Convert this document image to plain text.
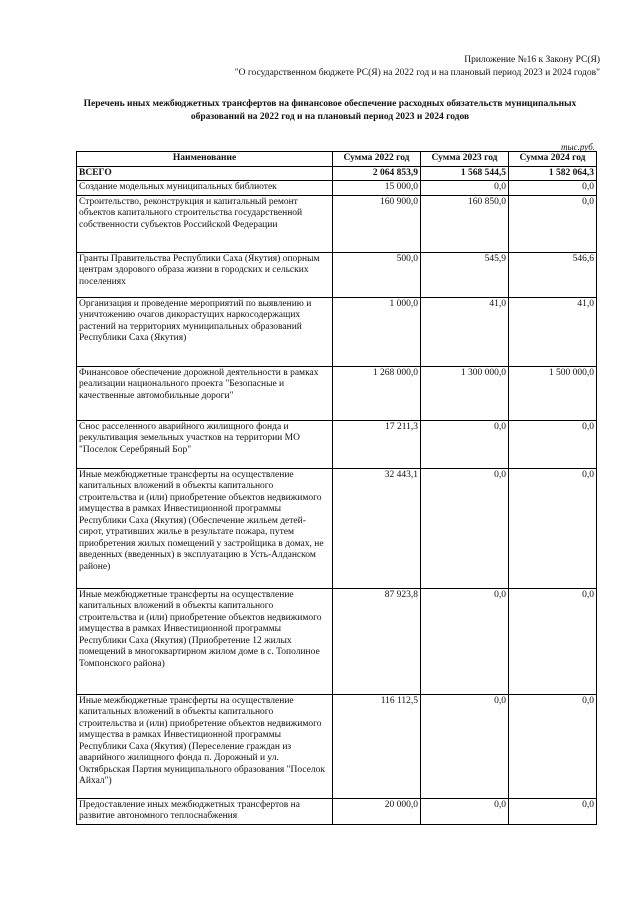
Приложение №16 к Закону РС(Я)
"О государственном бюджете РС(Я) на 2022 год и на плановый период 2023 и 2024 годов"
Перечень иных межбюджетных трансфертов на финансовое обеспечение расходных обязательств муниципальных образований на 2022 год и на плановый период 2023 и 2024 годов
тыс.руб.
Наименование	Сумма 2022 год	Сумма 2023 год	Сумма 2024 год
ВСЕГО	2 064 853,9	1 568 544,5	1 582 064,3
Создание модельных муниципальных библиотек	15 000,0	0,0	0,0
Строительство, реконструкция и капитальный ремонт объектов капитального строительства государственной собственности субъектов Российской Федерации	160 900,0	160 850,0	0,0
Гранты Правительства Республики Саха (Якутия) опорным центрам здорового образа жизни в городских и сельских поселениях	500,0	545,9	546,6
Организация и проведение мероприятий по выявлению и уничтожению очагов дикорастущих наркосодержащих растений на территориях муниципальных образований Республики Саха (Якутия)	1 000,0	41,0	41,0
Финансовое обеспечение дорожной деятельности в рамках реализации национального проекта "Безопасные и качественные автомобильные дороги"	1 268 000,0	1 300 000,0	1 500 000,0
Снос расселенного аварийного жилищного фонда и рекультивация земельных участков на территории МО "Поселок Серебряный Бор"	17 211,3	0,0	0,0
Иные межбюджетные трансферты на осуществление капитальных вложений в объекты капитального строительства и (или) приобретение объектов недвижимого имущества в рамках Инвестиционной программы Республики Саха (Якутия) (Обеспечение жильем детей-сирот, утративших жилье в результате пожара, путем приобретения жилых помещений у застройщика в домах, не введенных (введенных) в эксплуатацию в Усть-Алданском районе)	32 443,1	0,0	0,0
Иные межбюджетные трансферты на осуществление капитальных вложений в объекты капитального строительства и (или) приобретение объектов недвижимого имущества в рамках Инвестиционной программы Республики Саха (Якутия) (Приобретение 12 жилых помещений в многоквартирном жилом доме в с. Тополиное Томпонского района)	87 923,8	0,0	0,0
Иные межбюджетные трансферты на осуществление капитальных вложений в объекты капитального строительства и (или) приобретение объектов недвижимого имущества в рамках Инвестиционной программы Республики Саха (Якутия) (Переселение граждан из аварийного жилищного фонда п. Дорожный и ул. Октябрьская Партия муниципального образования "Поселок Айхал")	116 112,5	0,0	0,0
Предоставление иных межбюджетных трансфертов на развитие автономного теплоснабжения	20 000,0	0,0	0,0
